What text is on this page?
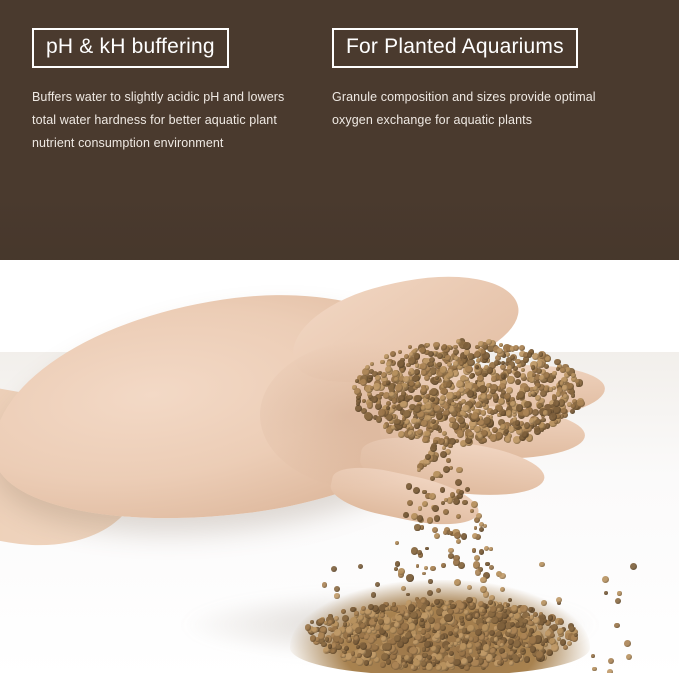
pH & kH buffering
Buffers water to slightly acidic pH and lowers total water hardness for better aquatic plant nutrient consumption environment
For Planted Aquariums
Granule composition and sizes provide optimal oxygen exchange for aquatic plants
